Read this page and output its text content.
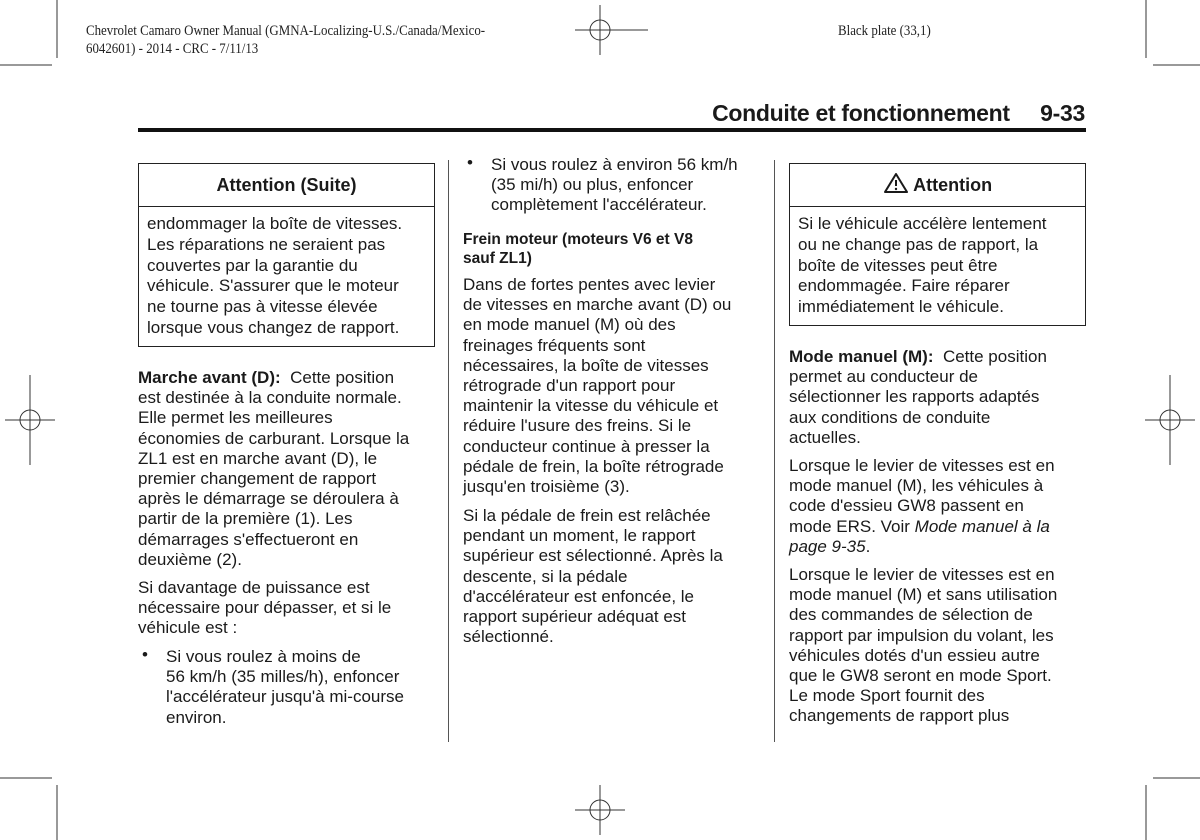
Chevrolet Camaro Owner Manual (GMNA-Localizing-U.S./Canada/Mexico-
6042601) - 2014 - CRC - 7/11/13
Black plate (33,1)
Conduite et fonctionnement 9-33
Attention (Suite)
endommager la boîte de vitesses.
Les réparations ne seraient pas
couvertes par la garantie du
véhicule. S'assurer que le moteur
ne tourne pas à vitesse élevée
lorsque vous changez de rapport.
Marche avant (D):  Cette position
est destinée à la conduite normale.
Elle permet les meilleures
économies de carburant. Lorsque la
ZL1 est en marche avant (D), le
premier changement de rapport
après le démarrage se déroulera à
partir de la première (1). Les
démarrages s'effectueront en
deuxième (2).
Si davantage de puissance est
nécessaire pour dépasser, et si le
véhicule est :
• Si vous roulez à moins de
56 km/h (35 milles/h), enfoncer
l'accélérateur jusqu'à mi-course
environ.
• Si vous roulez à environ 56 km/h
(35 mi/h) ou plus, enfoncer
complètement l'accélérateur.
Frein moteur (moteurs V6 et V8
sauf ZL1)
Dans de fortes pentes avec levier
de vitesses en marche avant (D) ou
en mode manuel (M) où des
freinages fréquents sont
nécessaires, la boîte de vitesses
rétrograde d'un rapport pour
maintenir la vitesse du véhicule et
réduire l'usure des freins. Si le
conducteur continue à presser la
pédale de frein, la boîte rétrograde
jusqu'en troisième (3).
Si la pédale de frein est relâchée
pendant un moment, le rapport
supérieur est sélectionné. Après la
descente, si la pédale
d'accélérateur est enfoncée, le
rapport supérieur adéquat est
sélectionné.
Attention
Si le véhicule accélère lentement
ou ne change pas de rapport, la
boîte de vitesses peut être
endommagée. Faire réparer
immédiatement le véhicule.
Mode manuel (M):  Cette position
permet au conducteur de
sélectionner les rapports adaptés
aux conditions de conduite
actuelles.
Lorsque le levier de vitesses est en
mode manuel (M), les véhicules à
code d'essieu GW8 passent en
mode ERS. Voir Mode manuel à la
page 9-35.
Lorsque le levier de vitesses est en
mode manuel (M) et sans utilisation
des commandes de sélection de
rapport par impulsion du volant, les
véhicules dotés d'un essieu autre
que le GW8 seront en mode Sport.
Le mode Sport fournit des
changements de rapport plus
